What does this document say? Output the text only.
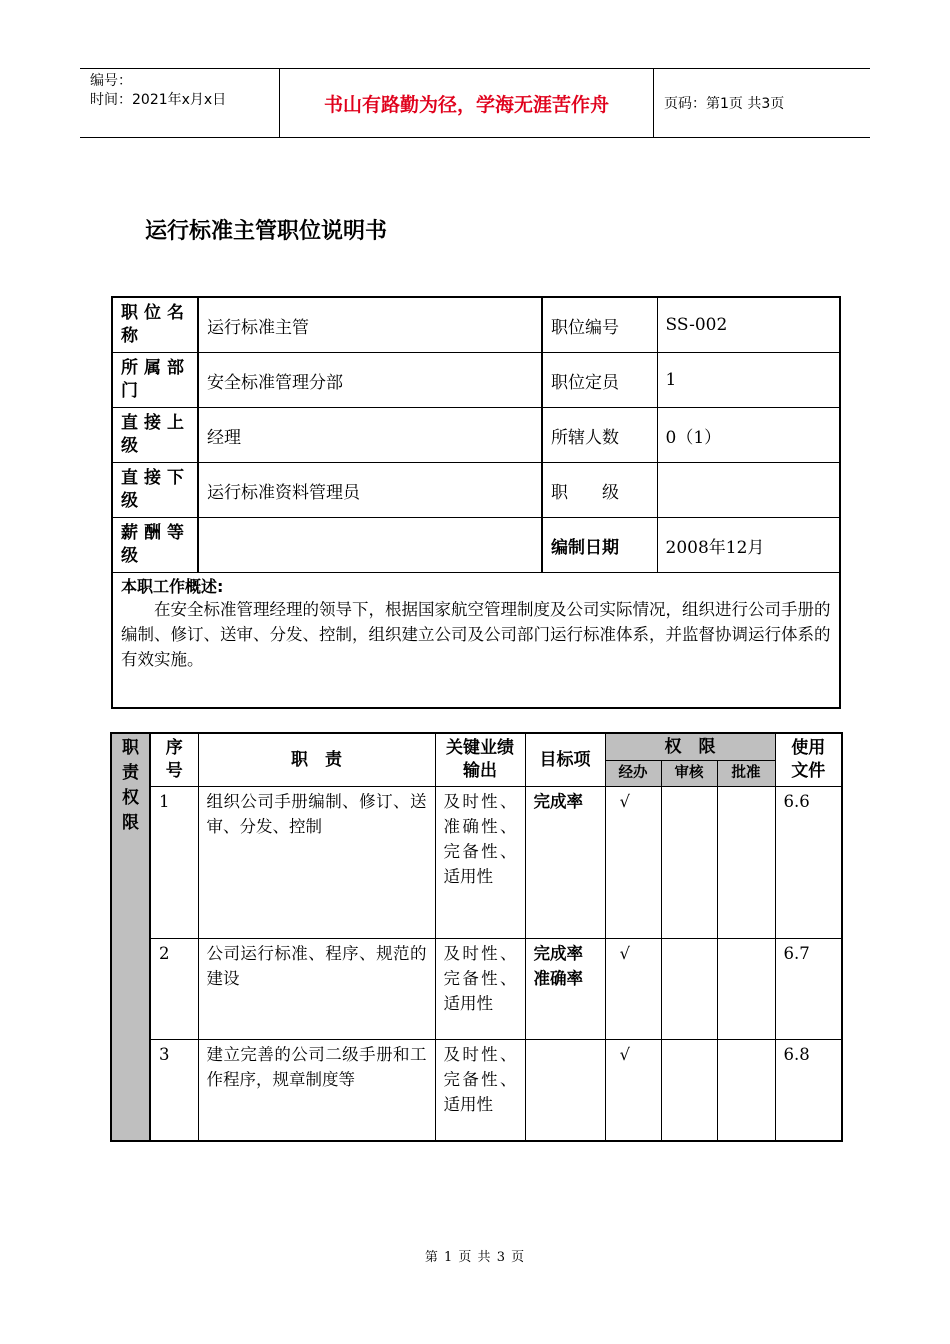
编号：
时间：2021年x月x日	书山有路勤为径，学海无涯苦作舟	页码：第1页 共3页
运行标准主管职位说明书
职位名称	运行标准主管	职位编号	SS-002
所属部门	安全标准管理分部	职位定员	1
直接上级	经理	所辖人数	0（1）
直接下级	运行标准资料管理员	职　　级	
薪酬等级		编制日期	2008年12月

本职工作概述:
在安全标准管理经理的领导下，根据国家航空管理制度及公司实际情况，组织进行公司手册的编制、修订、送审、分发、控制，组织建立公司及公司部门运行标准体系，并监督协调运行体系的有效实施。			
职责权限	序号	职　责	关键业绩输出	目标项	权　限			使用文件
					经办	审核	批准	
	1	组织公司手册编制、修订、送审、分发、控制	及时性、准确性、完备性、适用性	完成率	√			6.6
	2	公司运行标准、程序、规范的建设	及时性、完备性、适用性	完成率准确率	√			6.7
	3	建立完善的公司二级手册和工作程序，规章制度等	及时性、完备性、适用性		√			6.8
第 1 页 共 3 页
